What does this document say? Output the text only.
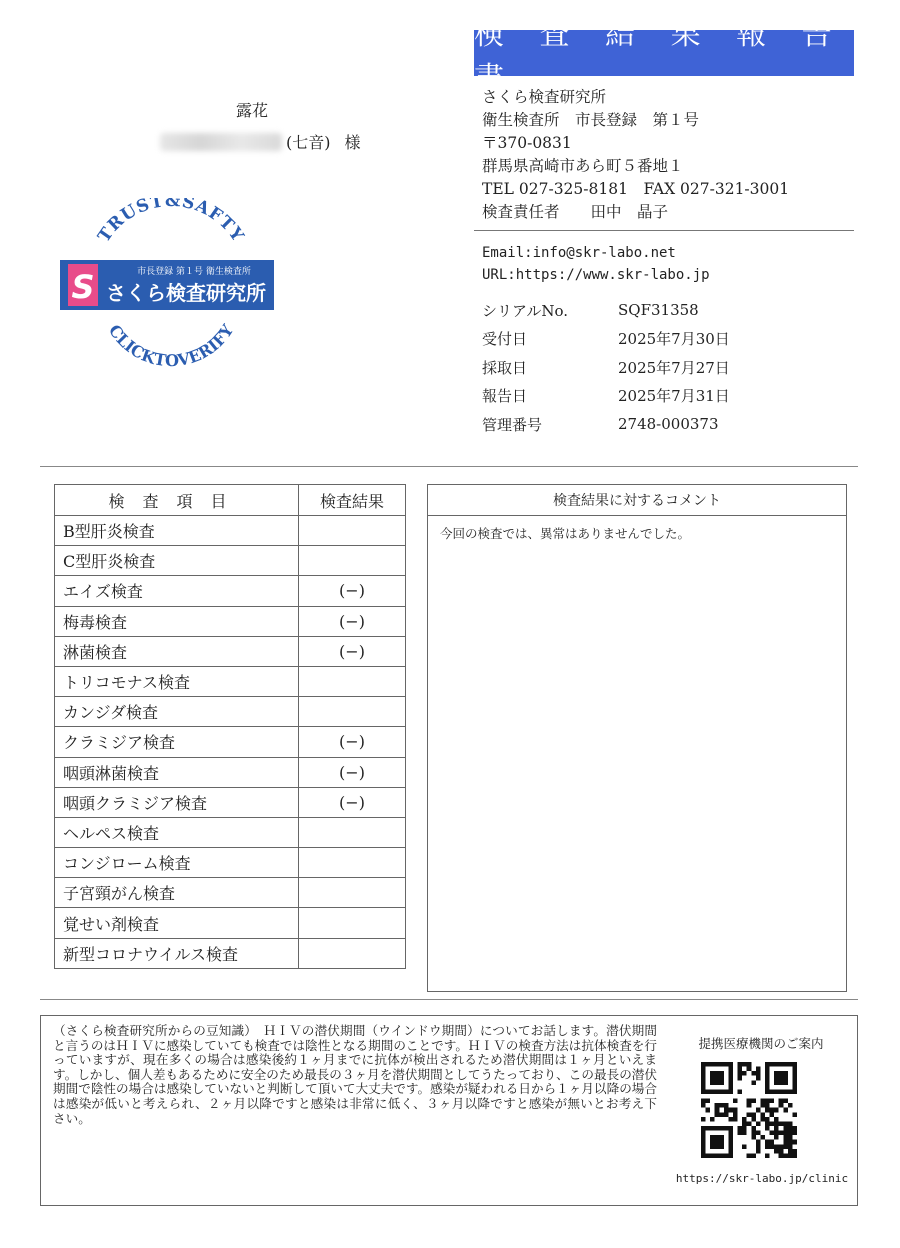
検 査 結 果 報 告 書
露花
(七音) 様
さくら検査研究所
衛生検査所　市長登録　第１号
〒370-0831
群馬県高崎市あら町５番地１
TEL 027-325-8181　FAX 027-321-3001
検査責任者　　田中　晶子
Email:info@skr-labo.net
URL:https://www.skr-labo.jp
シリアルNo.	SQF31358
受付日	2025年7月30日
採取日	2025年7月27日
報告日	2025年7月31日
管理番号	2748-000373
TRUST&SAFTY
市長登録 第１号 衛生検査所
S さくら検査研究所
CLICKTOVERIFY
検査項目	検査結果
B型肝炎検査	
C型肝炎検査	
エイズ検査	(−)
梅毒検査	(−)
淋菌検査	(−)
トリコモナス検査	
カンジダ検査	
クラミジア検査	(−)
咽頭淋菌検査	(−)
咽頭クラミジア検査	(−)
ヘルペス検査	
コンジローム検査	
子宮頸がん検査	
覚せい剤検査	
新型コロナウイルス検査	
検査結果に対するコメント
今回の検査では、異常はありませんでした。
（さくら検査研究所からの豆知識）　ＨＩＶの潜伏期間（ウインドウ期間）についてお話します。潜伏期間と言うのはＨＩＶに感染していても検査では陰性となる期間のことです。ＨＩＶの検査方法は抗体検査を行っていますが、現在多くの場合は感染後約１ヶ月までに抗体が検出されるため潜伏期間は１ヶ月といえます。しかし、個人差もあるために安全のため最長の３ヶ月を潜伏期間としてうたっており、この最長の潜伏期間で陰性の場合は感染していないと判断して頂いて大丈夫です。感染が疑われる日から１ヶ月以降の場合は感染が低いと考えられ、２ヶ月以降ですと感染は非常に低く、３ヶ月以降ですと感染が無いとお考え下さい。
提携医療機関のご案内
https://skr-labo.jp/clinic
